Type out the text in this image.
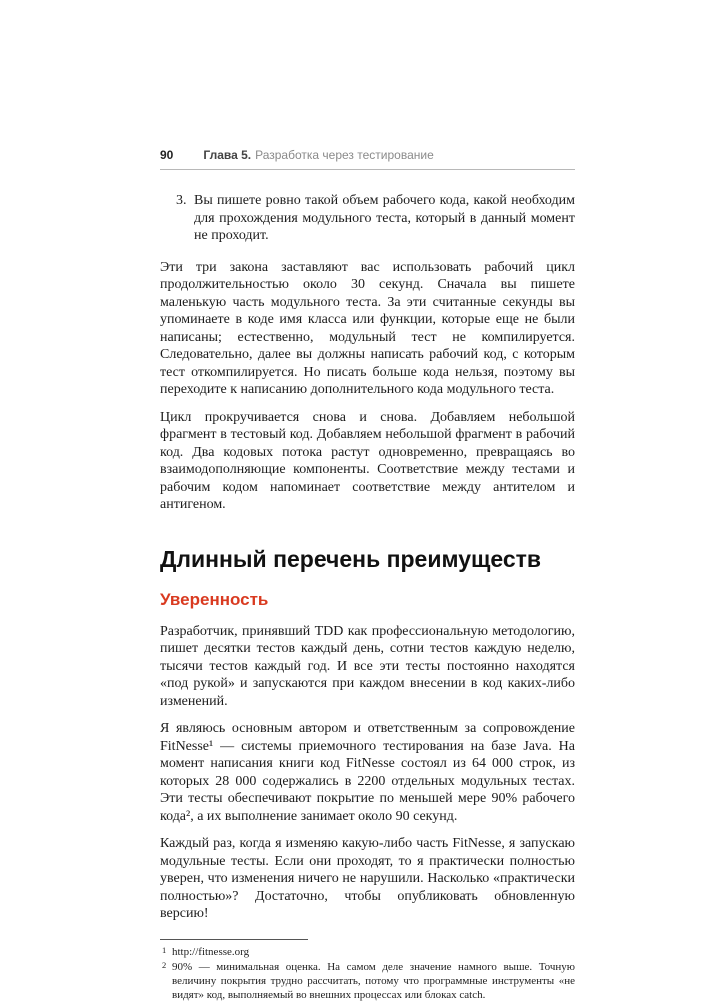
90	Глава 5. Разработка через тестирование
3. Вы пишете ровно такой объем рабочего кода, какой необходим для прохождения модульного теста, который в данный момент не проходит.

Эти три закона заставляют вас использовать рабочий цикл продолжительностью около 30 секунд. Сначала вы пишете маленькую часть модульного теста. За эти считанные секунды вы упоминаете в коде имя класса или функции, которые еще не были написаны; естественно, модульный тест не компилируется. Следовательно, далее вы должны написать рабочий код, с которым тест откомпилируется. Но писать больше кода нельзя, поэтому вы переходите к написанию дополнительного кода модульного теста.

Цикл прокручивается снова и снова. Добавляем небольшой фрагмент в тестовый код. Добавляем небольшой фрагмент в рабочий код. Два кодовых потока растут одновременно, превращаясь во взаимодополняющие компоненты. Соответствие между тестами и рабочим кодом напоминает соответствие между антителом и антигеном.

Длинный перечень преимуществ
Уверенность

Разработчик, принявший TDD как профессиональную методологию, пишет десятки тестов каждый день, сотни тестов каждую неделю, тысячи тестов каждый год. И все эти тесты постоянно находятся «под рукой» и запускаются при каждом внесении в код каких-либо изменений.

Я являюсь основным автором и ответственным за сопровождение FitNesse¹ — системы приемочного тестирования на базе Java. На момент написания книги код FitNesse состоял из 64 000 строк, из которых 28 000 содержались в 2200 отдельных модульных тестах. Эти тесты обеспечивают покрытие по меньшей мере 90% рабочего кода², а их выполнение занимает около 90 секунд.

Каждый раз, когда я изменяю какую-либо часть FitNesse, я запускаю модульные тесты. Если они проходят, то я практически полностью уверен, что изменения ничего не нарушили. Насколько «практически полностью»? Достаточно, чтобы опубликовать обновленную версию!

1 http://fitnesse.org
2 90% — минимальная оценка. На самом деле значение намного выше. Точную величину покрытия трудно рассчитать, потому что программные инструменты «не видят» код, выполняемый во внешних процессах или блоках catch.
